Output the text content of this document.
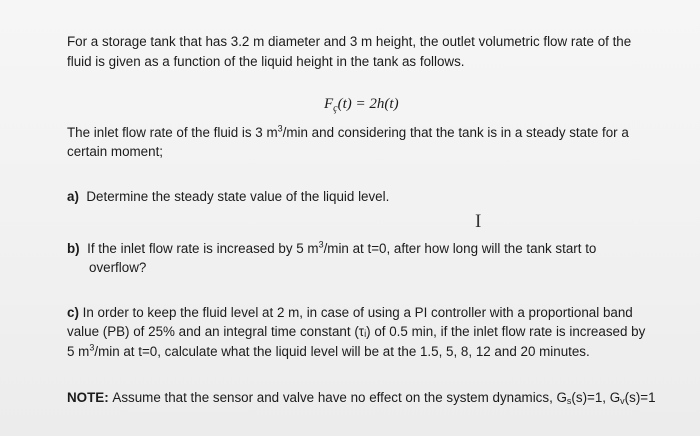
For a storage tank that has 3.2 m diameter and 3 m height, the outlet volumetric flow rate of the
fluid is given as a function of the liquid height in the tank as follows.
$F_ç(t) = 2h(t)$
The inlet flow rate of the fluid is 3 $m^3/\min$ and considering that the tank is in a steady state for a
certain moment;
a) Determine the steady state value of the liquid level.
I
b) If the inlet flow rate is increased by 5 $m^3/\min$ at t=0, after how long will the tank start to
overflow?
c) In order to keep the fluid level at 2 m, in case of using a PI controller with a proportional band
value (PB) of 25% and an integral time constant (τᵢ) of 0.5 min, if the inlet flow rate is increased by
5 $m^3/\min$ at t=0, calculate what the liquid level will be at the 1.5, 5, 8, 12 and 20 minutes.
NOTE: Assume that the sensor and valve have no effect on the system dynamics, Gs(s)=1, Gv(s)=1
